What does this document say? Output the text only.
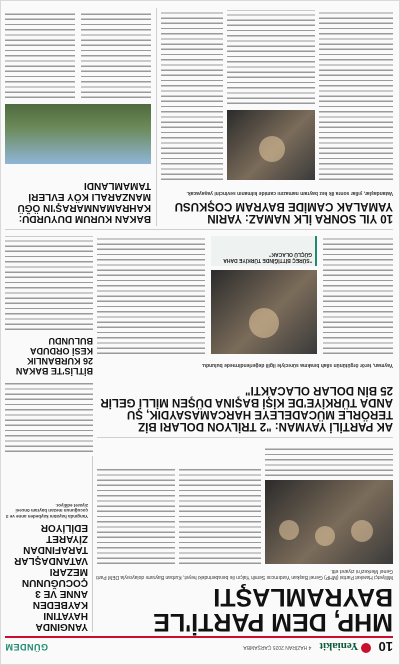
10
Yeniakit
4 HAZİRAN 2025 ÇARŞAMBA
GÜNDEM
MHP, DEM PARTİ'LE BAYRAMLAŞTI
Milliyetçi Hareket Partisi (MHP) Genel Başkan Yardımcısı Semih Yalçın ile beraberindeki heyet, Kurban Bayramı dolayısıyla DEM Parti Genel Merkezi'ni ziyaret etti.
YANGINDA HAYATINI KAYBEDEN ANNE VE 3 ÇOCUĞUNUN MEZARI VATANDAŞLAR TARAFINDAN ZİYARET EDİLİYOR
Yangında hayatını kaybeden anne ve 3 çocuğunun mezarı bayram öncesi ziyaret ediliyor.
AK PARTİLİ YAYMAN: "2 TRİLYON DOLARI BİZ TERÖRLE MÜCADELEYE HARCAMASAYDIK, ŞU ANDA TÜRKİYE'DE KİŞİ BAŞINA DÜŞEN MİLLİ GELİR 25 BİN DOLAR OLACAKTI"
Yayman, terör örgütünün silah bırakma süreciyle ilgili değerlendirmede bulundu.
"SÜREÇ BİTTİĞİNDE TÜRKİYE DAHA GÜÇLÜ OLACAK"
BİTLİS'TE BAKAN 26 KURBANLIK KESİ ORDUDA BULUNDU
10 YIL SONRA İLK NAMAZ: YARIN YAMALAK CAMİDE BAYRAM COŞKUSU
Vatandaşlar, yıllar sonra ilk kez bayram namazını camide kılmanın sevincini yaşayacak.
BAKAN KURUM DUYURDU: KAHRAMANMARAŞ'IN ÖĞÜ MANZARALI KÖY EVLERİ TAMAMLANDI
